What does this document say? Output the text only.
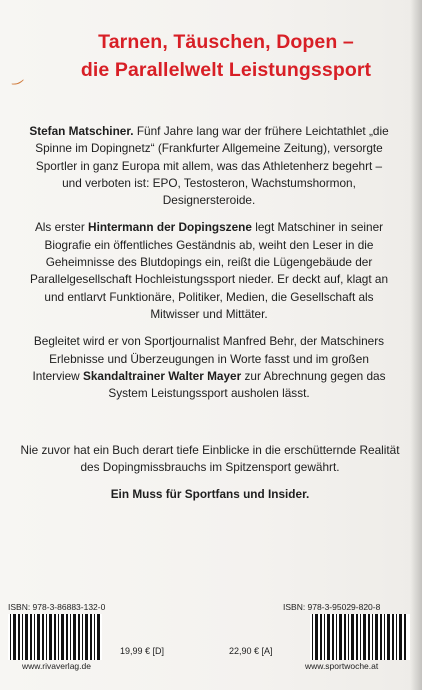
‿
Tarnen, Täuschen, Dopen –
die Parallelwelt Leistungssport

Stefan Matschiner. Fünf Jahre lang war der frühere Leichtathlet „die Spinne im Dopingnetz“ (Frankfurter Allgemeine Zeitung), versorgte Sportler in ganz Europa mit allem, was das Athletenherz begehrt – und verboten ist: EPO, Testosteron, Wachstumshormon, Designersteroide.

Als erster Hintermann der Dopingszene legt Matschiner in seiner Biografie ein öffentliches Geständnis ab, weiht den Leser in die Geheimnisse des Blutdopings ein, reißt die Lügengebäude der Parallelgesellschaft Hochleistungssport nieder. Er deckt auf, klagt an und entlarvt Funktionäre, Politiker, Medien, die Gesellschaft als Mitwisser und Mittäter.

Begleitet wird er von Sportjournalist Manfred Behr, der Matschiners Erlebnisse und Überzeugungen in Worte fasst und im großen Interview Skandaltrainer Walter Mayer zur Abrechnung gegen das System Leistungssport ausholen lässt.

Nie zuvor hat ein Buch derart tiefe Einblicke in die erschütternde Realität des Dopingmissbrauchs im Spitzensport gewährt.

Ein Muss für Sportfans und Insider.

ISBN: 978-3-86883-132-0
www.rivaverlag.de
19,99 € [D]
ISBN: 978-3-95029-820-8
22,90 € [A]
www.sportwoche.at
